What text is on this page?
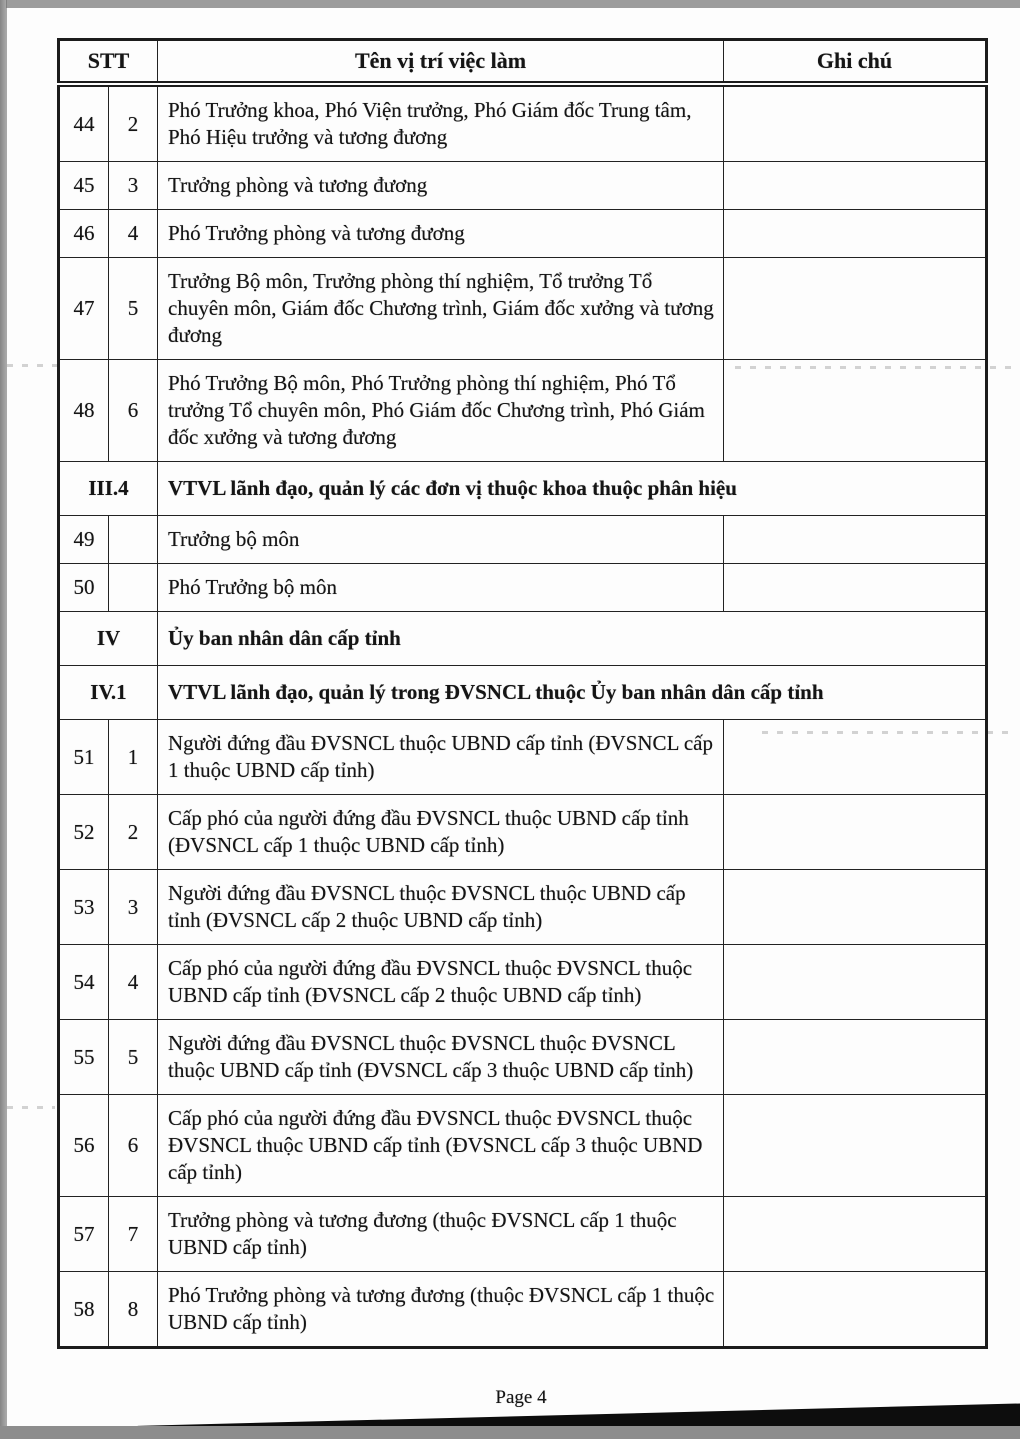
STT		Tên vị trí việc làm	Ghi chú
44	2	Phó Trưởng khoa, Phó Viện trưởng, Phó Giám đốc Trung tâm, Phó Hiệu trưởng và tương đương	
45	3	Trưởng phòng và tương đương	
46	4	Phó Trưởng phòng và tương đương	
47	5	Trưởng Bộ môn, Trưởng phòng thí nghiệm, Tổ trưởng Tổ chuyên môn, Giám đốc Chương trình, Giám đốc xưởng và tương đương	
48	6	Phó Trưởng Bộ môn, Phó Trưởng phòng thí nghiệm, Phó Tổ trưởng Tổ chuyên môn, Phó Giám đốc Chương trình, Phó Giám đốc xưởng và tương đương	
III.4		VTVL lãnh đạo, quản lý các đơn vị thuộc khoa thuộc phân hiệu	
49		Trưởng bộ môn	
50		Phó Trưởng bộ môn	
IV		Ủy ban nhân dân cấp tỉnh	
IV.1		VTVL lãnh đạo, quản lý trong ĐVSNCL thuộc Ủy ban nhân dân cấp tỉnh	
51	1	Người đứng đầu ĐVSNCL thuộc UBND cấp tỉnh (ĐVSNCL cấp 1 thuộc UBND cấp tỉnh)	
52	2	Cấp phó của người đứng đầu ĐVSNCL thuộc UBND cấp tỉnh (ĐVSNCL cấp 1 thuộc UBND cấp tỉnh)	
53	3	Người đứng đầu ĐVSNCL thuộc ĐVSNCL thuộc UBND cấp tỉnh (ĐVSNCL cấp 2 thuộc UBND cấp tỉnh)	
54	4	Cấp phó của người đứng đầu ĐVSNCL thuộc ĐVSNCL thuộc UBND cấp tỉnh (ĐVSNCL cấp 2 thuộc UBND cấp tỉnh)	
55	5	Người đứng đầu ĐVSNCL thuộc ĐVSNCL thuộc ĐVSNCL thuộc UBND cấp tỉnh (ĐVSNCL cấp 3 thuộc UBND cấp tỉnh)	
56	6	Cấp phó của người đứng đầu ĐVSNCL thuộc ĐVSNCL thuộc ĐVSNCL thuộc UBND cấp tỉnh (ĐVSNCL cấp 3 thuộc UBND cấp tỉnh)	
57	7	Trưởng phòng và tương đương (thuộc ĐVSNCL cấp 1 thuộc UBND cấp tỉnh)	
58	8	Phó Trưởng phòng và tương đương (thuộc ĐVSNCL cấp 1 thuộc UBND cấp tỉnh)	
Page 4
